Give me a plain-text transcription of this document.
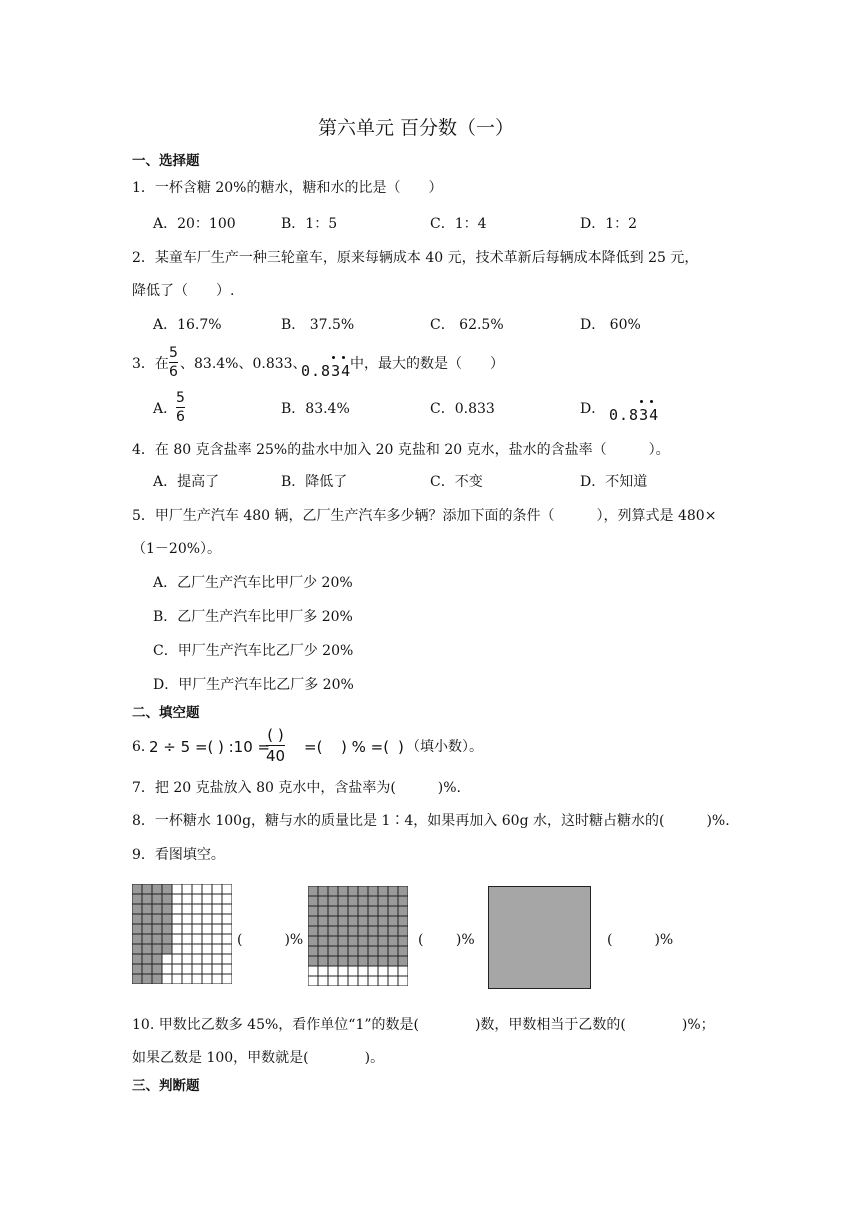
第六单元 百分数（一）
一、选择题
1．一杯含糖 20%的糖水，糖和水的比是（　　）
A．20：100	B．1：5	C．1：4	D．1：2
2．某童车厂生产一种三轮童车，原来每辆成本 40 元，技术革新后每辆成本降低到 25 元，
降低了（　　）.
A．16.7%	B． 37.5%	C． 62.5%	D． 60%
3．在
5
6 、83.4%、0.833、
0.834
中，最大的数是（　　）
A．
5
6	B．83.4%	C．0.833	D． 0.834
4．在 80 克含盐率 25%的盐水中加入 20 克盐和 20 克水，盐水的含盐率（　　　）。
A．提高了	B．降低了	C．不变	D．不知道
5．甲厂生产汽车 480 辆，乙厂生产汽车多少辆？添加下面的条件（　　　），列算式是 480×
（1－20%）。
A．乙厂生产汽车比甲厂少 20%
B．乙厂生产汽车比甲厂多 20%
C．甲厂生产汽车比乙厂少 20%
D．甲厂生产汽车比乙厂多 20%
二、填空题
6．
2 ÷ 5 =( ) :10 =
( )
40 =( ) % =( ) （填小数）。
7．把 20 克盐放入 80 克水中，含盐率为(　　　)%.
8．一杯糖水 100g，糖与水的质量比是 1∶4，如果再加入 60g 水，这时糖占糖水的(　　　)%.
9．看图填空。
(　　　)%	(　　 )%	(　　　)%
10. 甲数比乙数多 45%，看作单位“1”的数是(　　　　)数，甲数相当于乙数的(　　　　)%；
如果乙数是 100，甲数就是(　　　　)。
三、判断题
